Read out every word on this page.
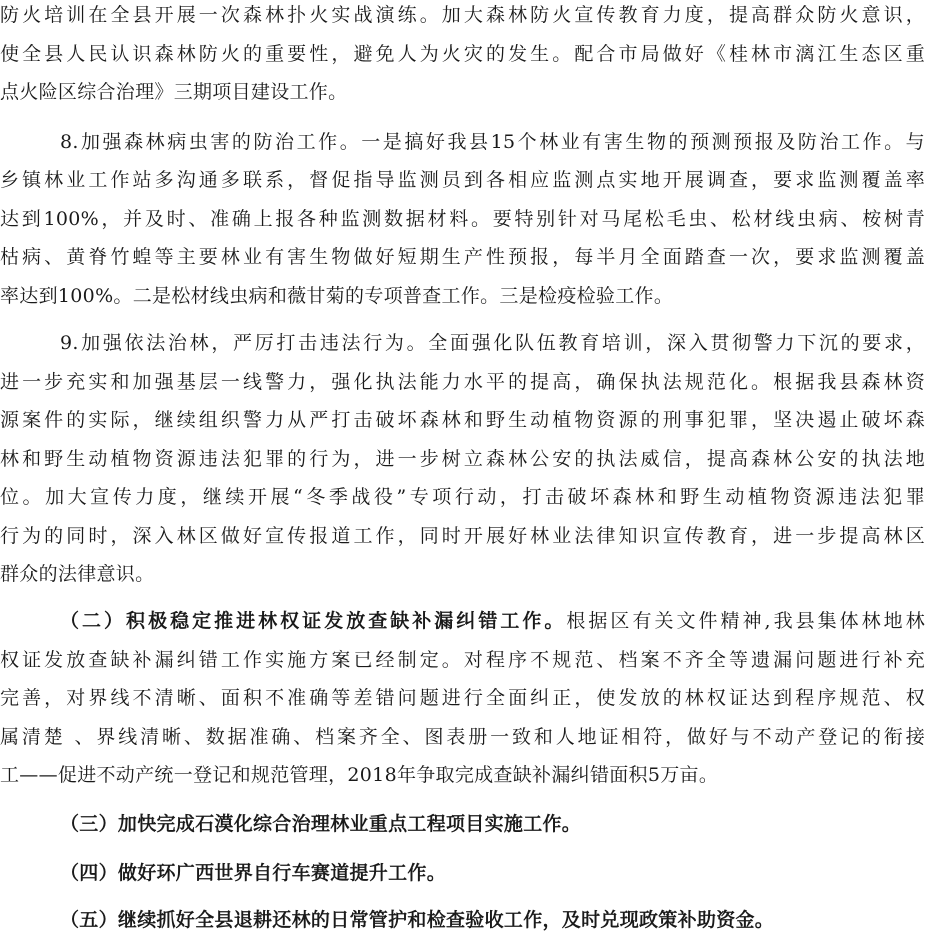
防火培训在全县开展一次森林扑火实战演练。加大森林防火宣传教育力度，提高群众防火意识，
使全县人民认识森林防火的重要性，避免人为火灾的发生。配合市局做好《桂林市漓江生态区重
点火险区综合治理》三期项目建设工作。
8.加强森林病虫害的防治工作。一是搞好我县15个林业有害生物的预测预报及防治工作。与
乡镇林业工作站多沟通多联系，督促指导监测员到各相应监测点实地开展调查，要求监测覆盖率
达到100%，并及时、准确上报各种监测数据材料。要特别针对马尾松毛虫、松材线虫病、桉树青
枯病、黄脊竹蝗等主要林业有害生物做好短期生产性预报，每半月全面踏查一次，要求监测覆盖
率达到100%。二是松材线虫病和薇甘菊的专项普查工作。三是检疫检验工作。
9.加强依法治林，严厉打击违法行为。全面强化队伍教育培训，深入贯彻警力下沉的要求，
进一步充实和加强基层一线警力，强化执法能力水平的提高，确保执法规范化。根据我县森林资
源案件的实际，继续组织警力从严打击破坏森林和野生动植物资源的刑事犯罪，坚决遏止破坏森
林和野生动植物资源违法犯罪的行为，进一步树立森林公安的执法威信，提高森林公安的执法地
位。加大宣传力度，继续开展“冬季战役”专项行动，打击破坏森林和野生动植物资源违法犯罪
行为的同时，深入林区做好宣传报道工作，同时开展好林业法律知识宣传教育，进一步提高林区
群众的法律意识。
（二）积极稳定推进林权证发放查缺补漏纠错工作。根据区有关文件精神,我县集体林地林
权证发放查缺补漏纠错工作实施方案已经制定。对程序不规范、档案不齐全等遗漏问题进行补充
完善，对界线不清晰、面积不准确等差错问题进行全面纠正，使发放的林权证达到程序规范、权
属清楚 、界线清晰、数据准确、档案齐全、图表册一致和人地证相符，做好与不动产登记的衔接
工——促进不动产统一登记和规范管理，2018年争取完成查缺补漏纠错面积5万亩。
（三）加快完成石漠化综合治理林业重点工程项目实施工作。
（四）做好环广西世界自行车赛道提升工作。
（五）继续抓好全县退耕还林的日常管护和检查验收工作，及时兑现政策补助资金。
